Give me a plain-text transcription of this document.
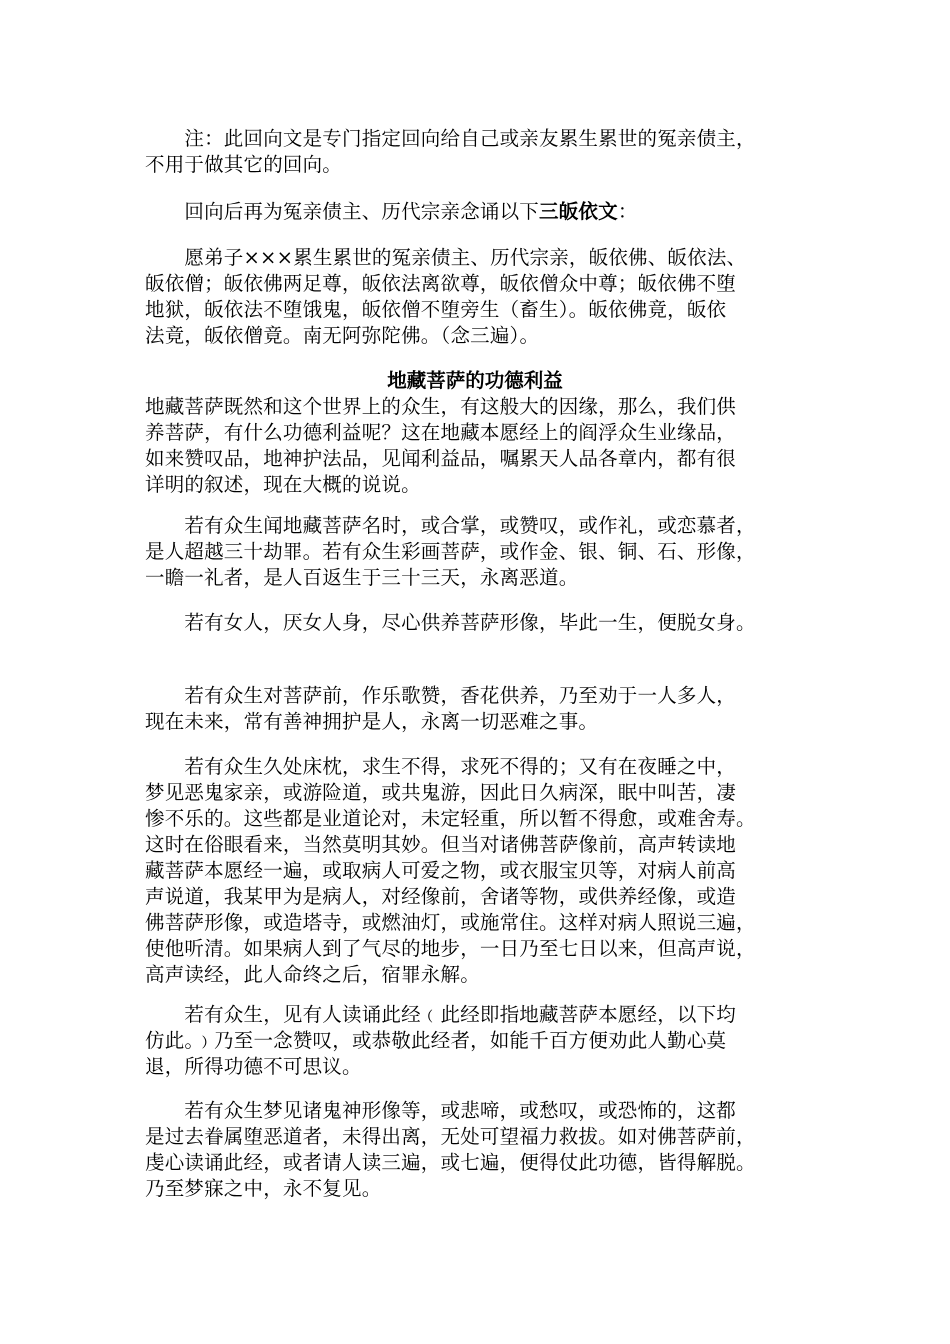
　　注：此回向文是专门指定回向给自己或亲友累生累世的冤亲债主，
不用于做其它的回向。

　　回向后再为冤亲债主、历代宗亲念诵以下三皈依文：

　　愿弟子×××累生累世的冤亲债主、历代宗亲，皈依佛、皈依法、
皈依僧；皈依佛两足尊，皈依法离欲尊，皈依僧众中尊；皈依佛不堕
地狱，皈依法不堕饿鬼，皈依僧不堕旁生（畜生）。皈依佛竟，皈依
法竟，皈依僧竟。南无阿弥陀佛。（念三遍）。

地藏菩萨的功德利益

地藏菩萨既然和这个世界上的众生，有这般大的因缘，那么，我们供
养菩萨，有什么功德利益呢？这在地藏本愿经上的阎浮众生业缘品，
如来赞叹品，地神护法品，见闻利益品，嘱累天人品各章内，都有很
详明的叙述，现在大概的说说。

　　若有众生闻地藏菩萨名时，或合掌，或赞叹，或作礼，或恋慕者，
是人超越三十劫罪。若有众生彩画菩萨，或作金、银、铜、石、形像，
一瞻一礼者，是人百返生于三十三天，永离恶道。

　　若有女人，厌女人身，尽心供养菩萨形像，毕此一生，便脱女身。

　　若有众生对菩萨前，作乐歌赞，香花供养，乃至劝于一人多人，
现在未来，常有善神拥护是人，永离一切恶难之事。

　　若有众生久处床枕，求生不得，求死不得的；又有在夜睡之中，
梦见恶鬼家亲，或游险道，或共鬼游，因此日久病深，眠中叫苦，凄
惨不乐的。这些都是业道论对，未定轻重，所以暂不得愈，或难舍寿。
这时在俗眼看来，当然莫明其妙。但当对诸佛菩萨像前，高声转读地
藏菩萨本愿经一遍，或取病人可爱之物，或衣服宝贝等，对病人前高
声说道，我某甲为是病人，对经像前，舍诸等物，或供养经像，或造
佛菩萨形像，或造塔寺，或燃油灯，或施常住。这样对病人照说三遍，
使他听清。如果病人到了气尽的地步，一日乃至七日以来，但高声说，
高声读经，此人命终之后，宿罪永解。

　　若有众生，见有人读诵此经﹙此经即指地藏菩萨本愿经，以下均
仿此。﹚乃至一念赞叹，或恭敬此经者，如能千百方便劝此人勤心莫
退，所得功德不可思议。

　　若有众生梦见诸鬼神形像等，或悲啼，或愁叹，或恐怖的，这都
是过去眷属堕恶道者，未得出离，无处可望福力救拔。如对佛菩萨前，
虔心读诵此经，或者请人读三遍，或七遍，便得仗此功德，皆得解脱。
乃至梦寐之中，永不复见。
